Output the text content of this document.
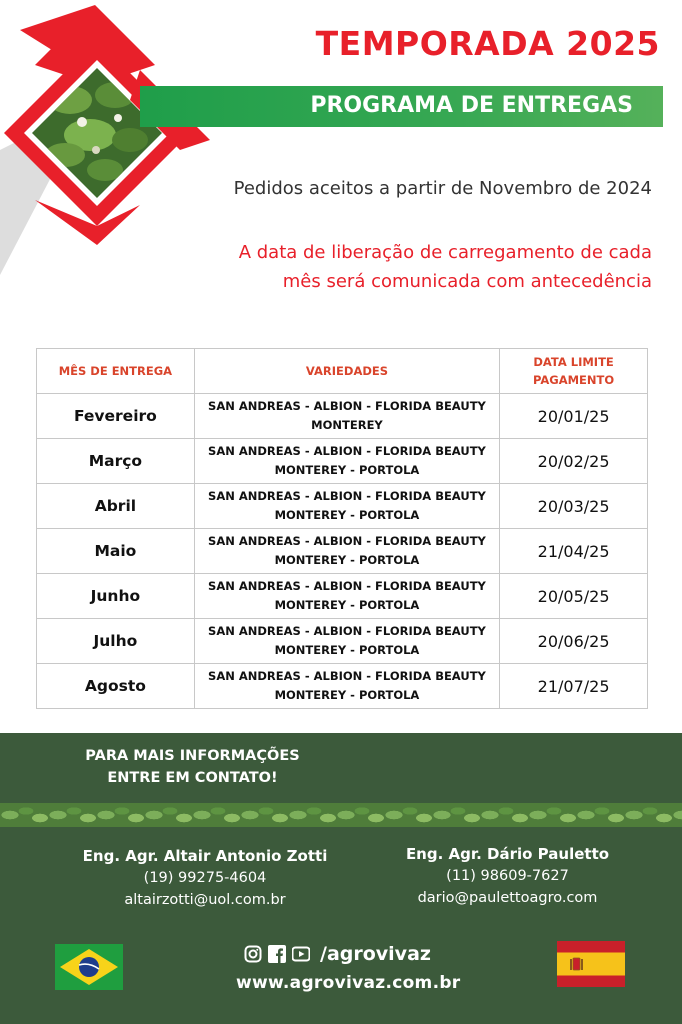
TEMPORADA 2025
PROGRAMA DE ENTREGAS
Pedidos aceitos a partir de Novembro de 2024
A data de liberação de carregamento de cada
mês será comunicada com antecedência
MÊS DE ENTREGA	VARIEDADES	DATA LIMITE
PAGAMENTO

Fevereiro	SAN ANDREAS - ALBION - FLORIDA BEAUTY
MONTEREY	20/01/25
Março	SAN ANDREAS - ALBION - FLORIDA BEAUTY
MONTEREY - PORTOLA	20/02/25
Abril	SAN ANDREAS - ALBION - FLORIDA BEAUTY
MONTEREY - PORTOLA	20/03/25
Maio	SAN ANDREAS - ALBION - FLORIDA BEAUTY
MONTEREY - PORTOLA	21/04/25
Junho	SAN ANDREAS - ALBION - FLORIDA BEAUTY
MONTEREY - PORTOLA	20/05/25
Julho	SAN ANDREAS - ALBION - FLORIDA BEAUTY
MONTEREY - PORTOLA	20/06/25
Agosto	SAN ANDREAS - ALBION - FLORIDA BEAUTY
MONTEREY - PORTOLA	21/07/25
PARA MAIS INFORMAÇÕES
ENTRE EM CONTATO!
Eng. Agr. Altair Antonio Zotti
(19) 99275-4604
altairzotti@uol.com.br
Eng. Agr. Dário Pauletto
(11) 98609-7627
dario@paulettoagro.com
/agrovivaz
www.agrovivaz.com.br
